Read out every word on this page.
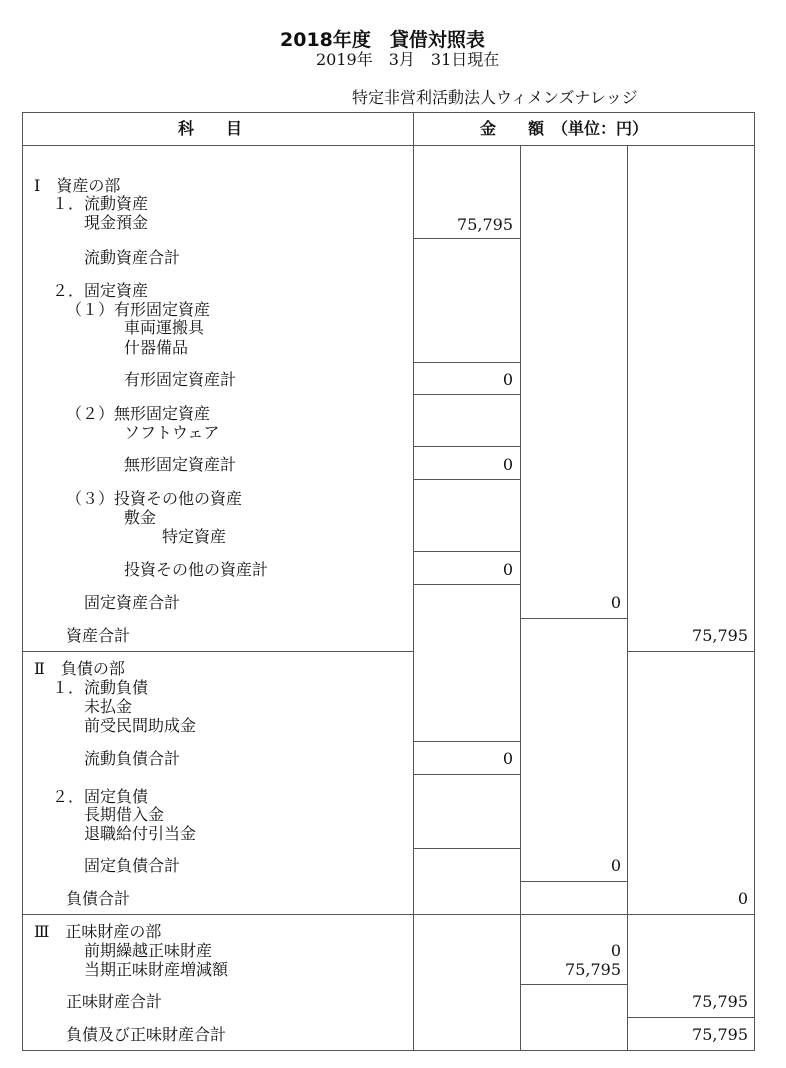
2018年度　貸借対照表
2019年　3月　31日現在
特定非営利活動法人ウィメンズナレッジ
科　　目	金　　額　（単位：円）
Ⅰ　資産の部
１．流動資産
現金預金
流動資産合計
２．固定資産
（１）有形固定資産
車両運搬具
什器備品
有形固定資産計
（２）無形固定資産
ソフトウェア
無形固定資産計
（３）投資その他の資産
敷金
特定資産
投資その他の資産計
固定資産合計
資産合計
Ⅱ　負債の部
１．流動負債
未払金
前受民間助成金
流動負債合計
２．固定負債
長期借入金
退職給付引当金
固定負債合計
負債合計
Ⅲ　正味財産の部
前期繰越正味財産
当期正味財産増減額
正味財産合計
負債及び正味財産合計
75,795
0
0
0
0
0
0
0
75,795
75,795
0
75,795
75,795
